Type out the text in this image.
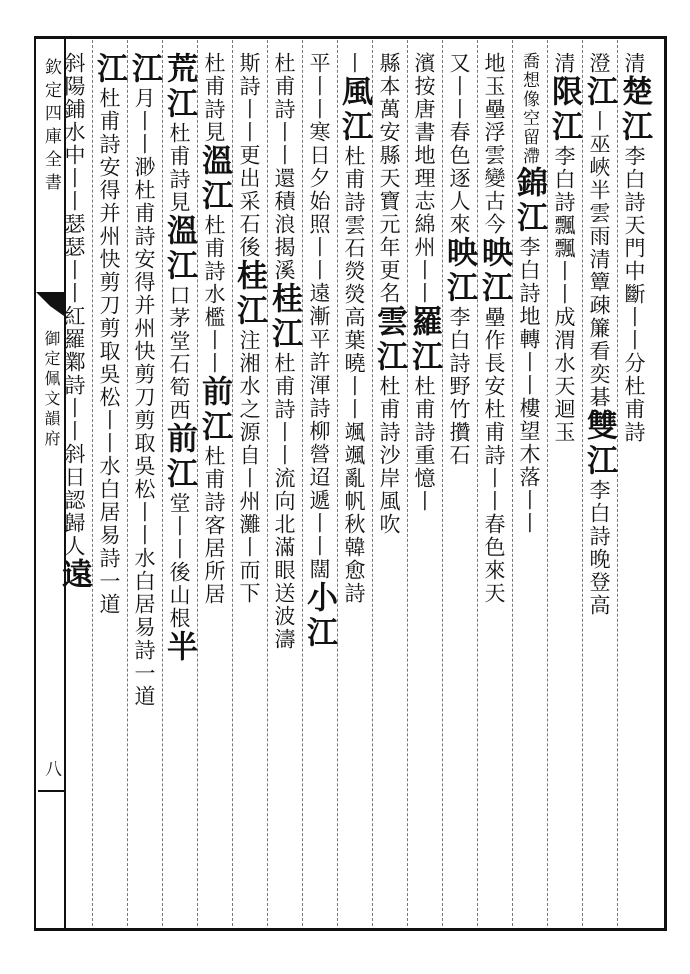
欽定四庫全書
御定佩文韻府
八
清楚江李白詩天門中斷丨丨分杜甫詩
澄江丨巫峽半雲雨清簟疎簾看奕碁雙江李白詩晚登高
清限江李白詩飄飄丨丨成渭水天迴玉
喬想像空留滯錦江李白詩地轉丨丨樓望木落丨丨
地玉壘浮雲變古今映江壘作長安杜甫詩丨丨春色來天
又丨丨春色逐人來映江李白詩野竹攢石
濱按唐書地理志綿州丨丨羅江杜甫詩重憶丨
縣本萬安縣天寶元年更名雲江杜甫詩沙岸風吹
丨風江杜甫詩雲石熒熒高葉曉丨丨颯颯亂帆秋韓愈詩
平丨丨寒日夕始照丨丨遠漸平許渾詩柳營迢遞丨丨闊小江
杜甫詩丨丨還積浪揭溪桂江杜甫詩丨丨流向北滿眼送波濤
斯詩丨丨更出采石後桂江注湘水之源自丨州灘丨而下
杜甫詩見溫江杜甫詩水檻丨丨前江杜甫詩客居所居
荒江杜甫詩見溫江口茅堂石筍西前江堂丨丨後山根半
江月丨丨渺杜甫詩安得并州快剪刀剪取吳松丨丨水白居易詩一道
江杜甫詩安得并州快剪刀剪取吳松丨丨水白居易詩一道
斜陽鋪水中丨丨瑟瑟丨丨紅羅鄴詩丨丨斜日認歸人遠
